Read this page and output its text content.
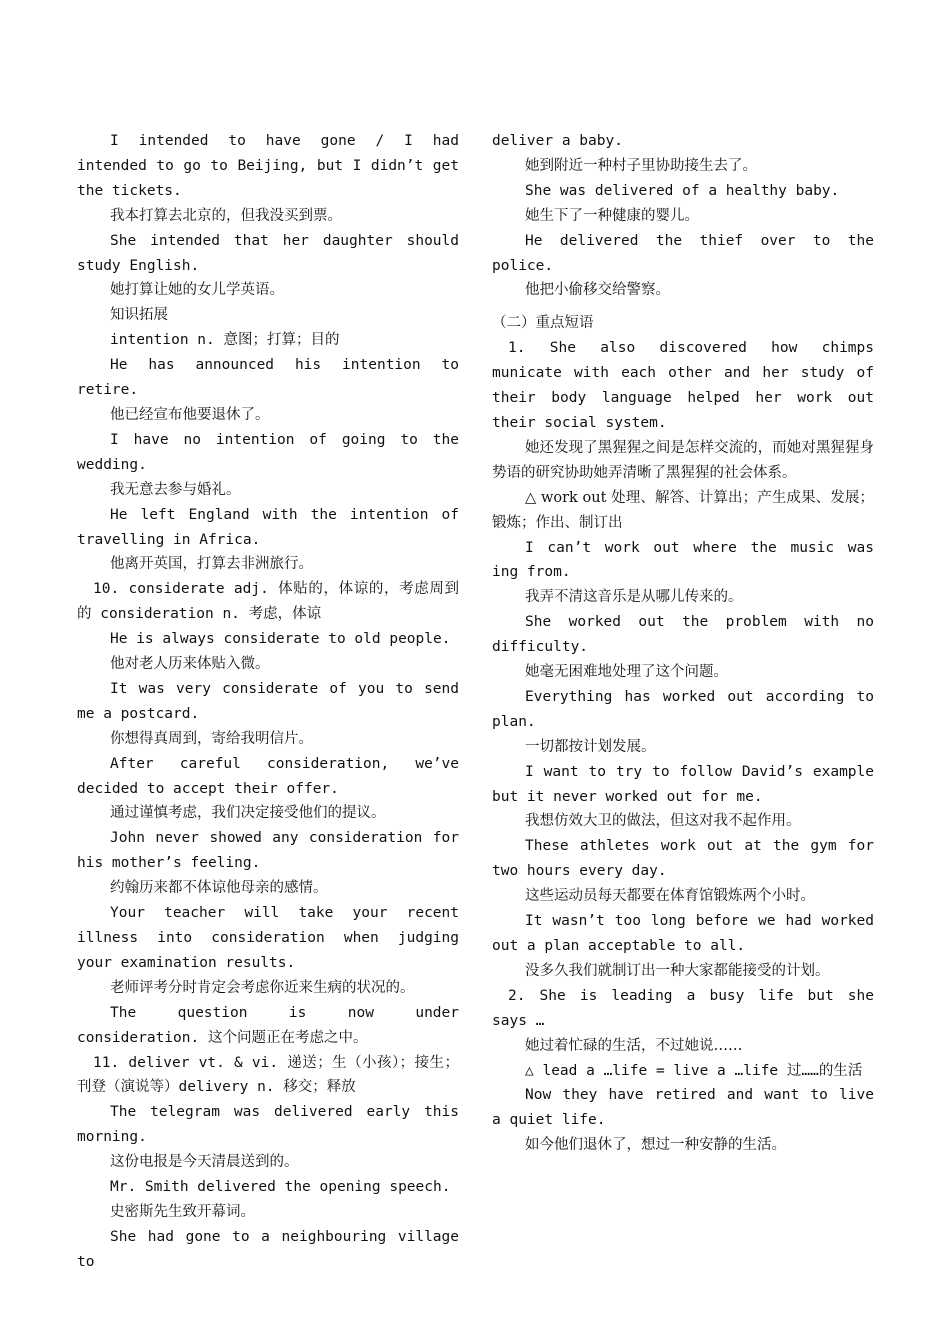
I intended to have gone / I had intended to go to Beijing, but I didn’t get the tickets.

我本打算去北京的，但我没买到票。

She intended that her daughter should study English.

她打算让她的女儿学英语。

知识拓展

intention n. 意图；打算；目的

He has announced his intention to retire.

他已经宣布他要退休了。

I have no intention of going to the wedding.

我无意去参与婚礼。

He left England with the intention of travelling in Africa.

他离开英国，打算去非洲旅行。

10. considerate adj. 体贴的，体谅的，考虑周到的 consideration n. 考虑，体谅

He is always considerate to old people.

他对老人历来体贴入微。

It was very considerate of you to send me a postcard.

你想得真周到，寄给我明信片。

After careful consideration, we’ve decided to accept their offer.

通过谨慎考虑，我们决定接受他们的提议。

John never showed any consideration for his mother’s feeling.

约翰历来都不体谅他母亲的感情。

Your teacher will take your recent illness into consideration when judging your examination results.

老师评考分时肯定会考虑你近来生病的状况的。

The question is now under consideration. 这个问题正在考虑之中。

11. deliver vt. & vi. 递送；生（小孩）；接生；刊登（演说等）delivery n. 移交；释放

The telegram was delivered early this morning.

这份电报是今天清晨送到的。

Mr. Smith delivered the opening speech.

史密斯先生致开幕词。

She had gone to a neighbouring village to

deliver a baby.

她到附近一种村子里协助接生去了。

She was delivered of a healthy baby.

她生下了一种健康的婴儿。

He delivered the thief over to the police.

他把小偷移交给警察。

（二）重点短语

1. She also discovered how chimps municate with each other and her study of their body language helped her work out their social system.

她还发现了黑猩猩之间是怎样交流的，而她对黑猩猩身势语的研究协助她弄清晰了黑猩猩的社会体系。

△ work out 处理、解答、计算出；产生成果、发展；锻炼；作出、制订出

I can’t work out where the music was ing from.

我弄不清这音乐是从哪儿传来的。

She worked out the problem with no difficulty.

她毫无困难地处理了这个问题。

Everything has worked out according to plan.

一切都按计划发展。

I want to try to follow David’s example but it never worked out for me.

我想仿效大卫的做法，但这对我不起作用。

These athletes work out at the gym for two hours every day.

这些运动员每天都要在体育馆锻炼两个小时。

It wasn’t too long before we had worked out a plan acceptable to all.

没多久我们就制订出一种大家都能接受的计划。

2. She is leading a busy life but she says …

她过着忙碌的生活，不过她说……

△ lead a …life = live a …life 过……的生活

Now they have retired and want to live a quiet life.

如今他们退休了，想过一种安静的生活。
